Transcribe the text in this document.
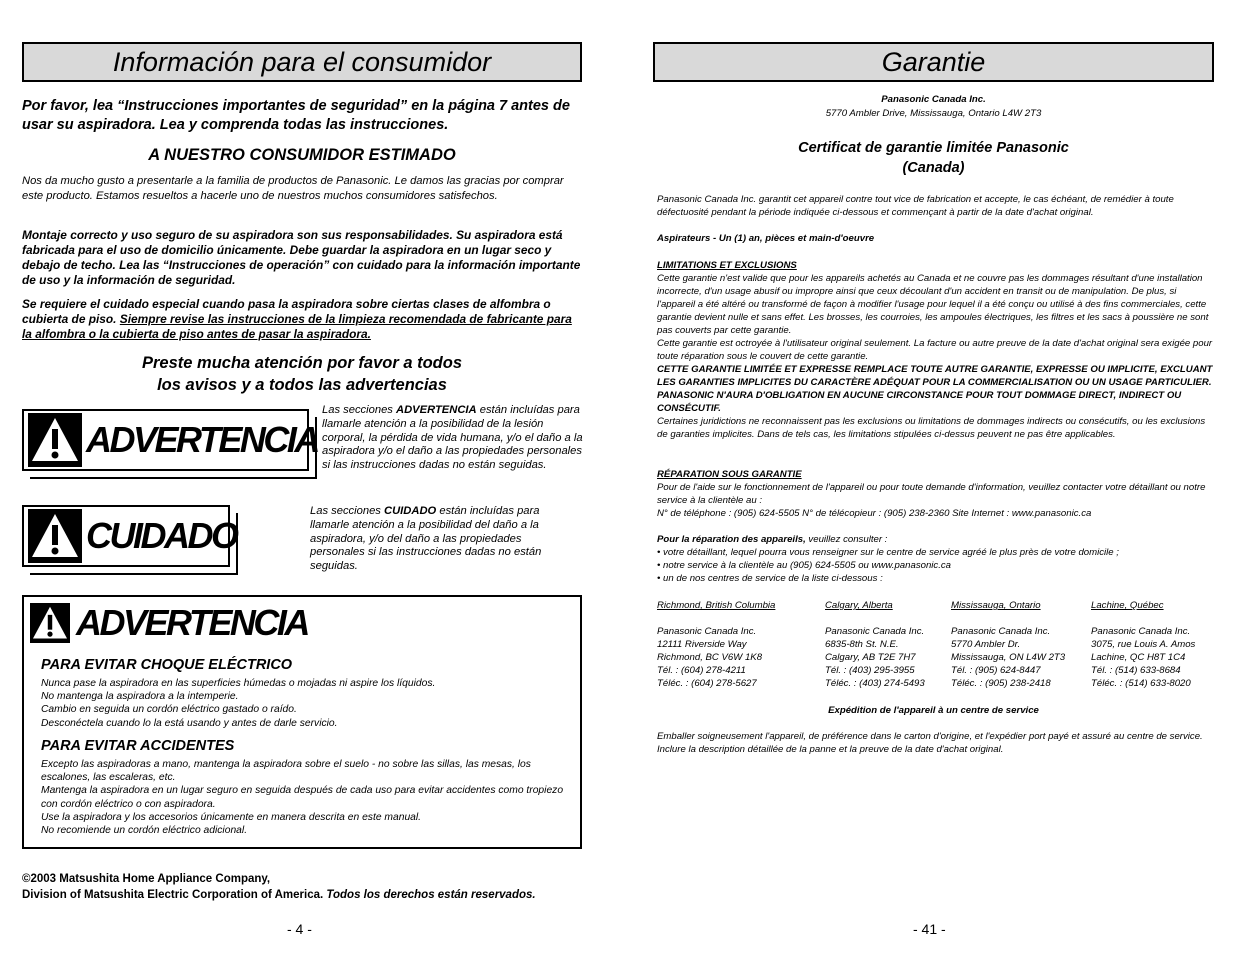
Información para el consumidor
Por favor, lea “Instrucciones importantes de seguridad” en la página 7 antes de usar su aspiradora. Lea y comprenda todas las instrucciones.
A NUESTRO CONSUMIDOR ESTIMADO

Nos da mucho gusto a presentarle a la familia de productos de Panasonic. Le damos las gracias por comprar este producto. Estamos resueltos a hacerle uno de nuestros muchos consumidores satisfechos.

Montaje correcto y uso seguro de su aspiradora son sus responsabilidades. Su aspiradora está fabricada para el uso de domicilio únicamente. Debe guardar la aspiradora en un lugar seco y debajo de techo. Lea las “Instrucciones de operación” con cuidado para la información importante de uso y la información de seguridad.

Se requiere el cuidado especial cuando pasa la aspiradora sobre ciertas clases de alfombra o cubierta de piso. Siempre revise las instrucciones de la limpieza recomendada de fabricante para la alfombra o la cubierta de piso antes de pasar la aspiradora.

Preste mucha atención por favor a todos
los avisos y a todos las advertencias
ADVERTENCIA
Las secciones ADVERTENCIA están incluídas para llamarle atención a la posibilidad de la lesión corporal, la pérdida de vida humana, y/o el daño a la aspiradora y/o el daño a las propiedades personales si las instrucciones dadas no están seguidas.
CUIDADO
Las secciones CUIDADO están incluídas para llamarle atención a la posibilidad del daño a la aspiradora, y/o del daño a las propiedades personales si las instrucciones dadas no están seguidas.
ADVERTENCIA
PARA EVITAR CHOQUE ELÉCTRICO
Nunca pase la aspiradora en las superficies húmedas o mojadas ni aspire los líquidos.
No mantenga la aspiradora a la intemperie.
Cambio en seguida un cordón eléctrico gastado o raído.
Desconéctela cuando lo la está usando y antes de darle servicio.
PARA EVITAR ACCIDENTES
Excepto las aspiradoras a mano, mantenga la aspiradora sobre el suelo - no sobre las sillas, las mesas, los escalones, las escaleras, etc.
Mantenga la aspiradora en un lugar seguro en seguida después de cada uso para evitar accidentes como tropiezo con cordón eléctrico o con aspiradora.
Use la aspiradora y los accesorios únicamente en manera descrita en este manual.
No recomiende un cordón eléctrico adicional.
©2003 Matsushita Home Appliance Company,
Division of Matsushita Electric Corporation of America. Todos los derechos están reservados.
- 4 -
Garantie
Panasonic Canada Inc.
5770 Ambler Drive, Mississauga, Ontario L4W 2T3
Certificat de garantie limitée Panasonic
(Canada)
Panasonic Canada Inc. garantit cet appareil contre tout vice de fabrication et accepte, le cas échéant, de remédier à toute défectuosité pendant la période indiquée ci-dessous et commençant à partir de la date d'achat original.
Aspirateurs - Un (1) an, pièces et main-d'oeuvre
LIMITATIONS ET EXCLUSIONS
Cette garantie n'est valide que pour les appareils achetés au Canada et ne couvre pas les dommages résultant d'une installation incorrecte, d'un usage abusif ou impropre ainsi que ceux découlant d'un accident en transit ou de manipulation. De plus, si l'appareil a été altéré ou transformé de façon à modifier l'usage pour lequel il a été conçu ou utilisé à des fins commerciales, cette garantie devient nulle et sans effet. Les brosses, les courroies, les ampoules électriques, les filtres et les sacs à poussière ne sont pas couverts par cette garantie.
Cette garantie est octroyée à l'utilisateur original seulement. La facture ou autre preuve de la date d'achat original sera exigée pour toute réparation sous le couvert de cette garantie.
CETTE GARANTIE LIMITÉE ET EXPRESSE REMPLACE TOUTE AUTRE GARANTIE, EXPRESSE OU IMPLICITE, EXCLUANT LES GARANTIES IMPLICITES DU CARACTÈRE ADÉQUAT POUR LA COMMERCIALISATION OU UN USAGE PARTICULIER.
PANASONIC N'AURA D'OBLIGATION EN AUCUNE CIRCONSTANCE POUR TOUT DOMMAGE DIRECT, INDIRECT OU CONSÉCUTIF.
Certaines juridictions ne reconnaissent pas les exclusions ou limitations de dommages indirects ou consécutifs, ou les exclusions de garanties implicites. Dans de tels cas, les limitations stipulées ci-dessus peuvent ne pas être applicables.
RÉPARATION SOUS GARANTIE
Pour de l'aide sur le fonctionnement de l'appareil ou pour toute demande d'information, veuillez contacter votre détaillant ou notre service à la clientèle au :
N° de téléphone : (905) 624-5505 N° de télécopieur : (905) 238-2360 Site Internet : www.panasonic.ca
Pour la réparation des appareils, veuillez consulter :
• votre détaillant, lequel pourra vous renseigner sur le centre de service agréé le plus près de votre domicile ;
• notre service à la clientèle au (905) 624-5505 ou www.panasonic.ca
• un de nos centres de service de la liste ci-dessous :
Richmond, British Columbia
Panasonic Canada Inc.
12111 Riverside Way
Richmond, BC V6W 1K8
Tél. : (604) 278-4211
Téléc. : (604) 278-5627
Calgary, Alberta
Panasonic Canada Inc.
6835-8th St. N.E.
Calgary, AB T2E 7H7
Tél. : (403) 295-3955
Téléc. : (403) 274-5493
Mississauga, Ontario
Panasonic Canada Inc.
5770 Ambler Dr.
Mississauga, ON L4W 2T3
Tél. : (905) 624-8447
Téléc. : (905) 238-2418
Lachine, Québec
Panasonic Canada Inc.
3075, rue Louis A. Amos
Lachine, QC H8T 1C4
Tél. : (514) 633-8684
Téléc. : (514) 633-8020
Expédition de l'appareil à un centre de service
Emballer soigneusement l'appareil, de préférence dans le carton d'origine, et l'expédier port payé et assuré au centre de service.
Inclure la description détaillée de la panne et la preuve de la date d'achat original.
- 41 -
